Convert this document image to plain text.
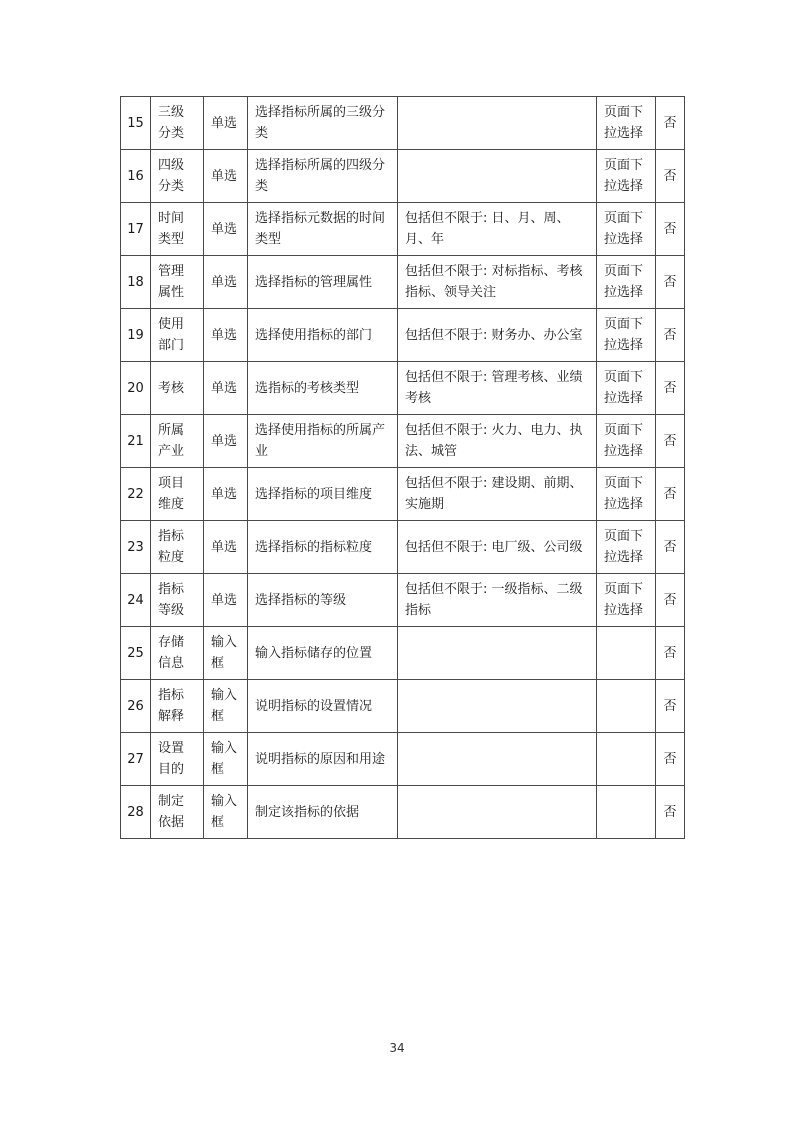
15	三级分类	单选	选择指标所属的三级分类		页面下拉选择	否
16	四级分类	单选	选择指标所属的四级分类		页面下拉选择	否
17	时间类型	单选	选择指标元数据的时间类型	包括但不限于: 日、月、周、月、年	页面下拉选择	否
18	管理属性	单选	选择指标的管理属性	包括但不限于: 对标指标、考核指标、领导关注	页面下拉选择	否
19	使用部门	单选	选择使用指标的部门	包括但不限于: 财务办、办公室	页面下拉选择	否
20	考核	单选	选指标的考核类型	包括但不限于: 管理考核、业绩考核	页面下拉选择	否
21	所属产业	单选	选择使用指标的所属产业	包括但不限于: 火力、电力、执法、城管	页面下拉选择	否
22	项目维度	单选	选择指标的项目维度	包括但不限于: 建设期、前期、实施期	页面下拉选择	否
23	指标粒度	单选	选择指标的指标粒度	包括但不限于: 电厂级、公司级	页面下拉选择	否
24	指标等级	单选	选择指标的等级	包括但不限于: 一级指标、二级指标	页面下拉选择	否
25	存储信息	输入框	输入指标储存的位置			否
26	指标解释	输入框	说明指标的设置情况			否
27	设置目的	输入框	说明指标的原因和用途			否
28	制定依据	输入框	制定该指标的依据			否
34
